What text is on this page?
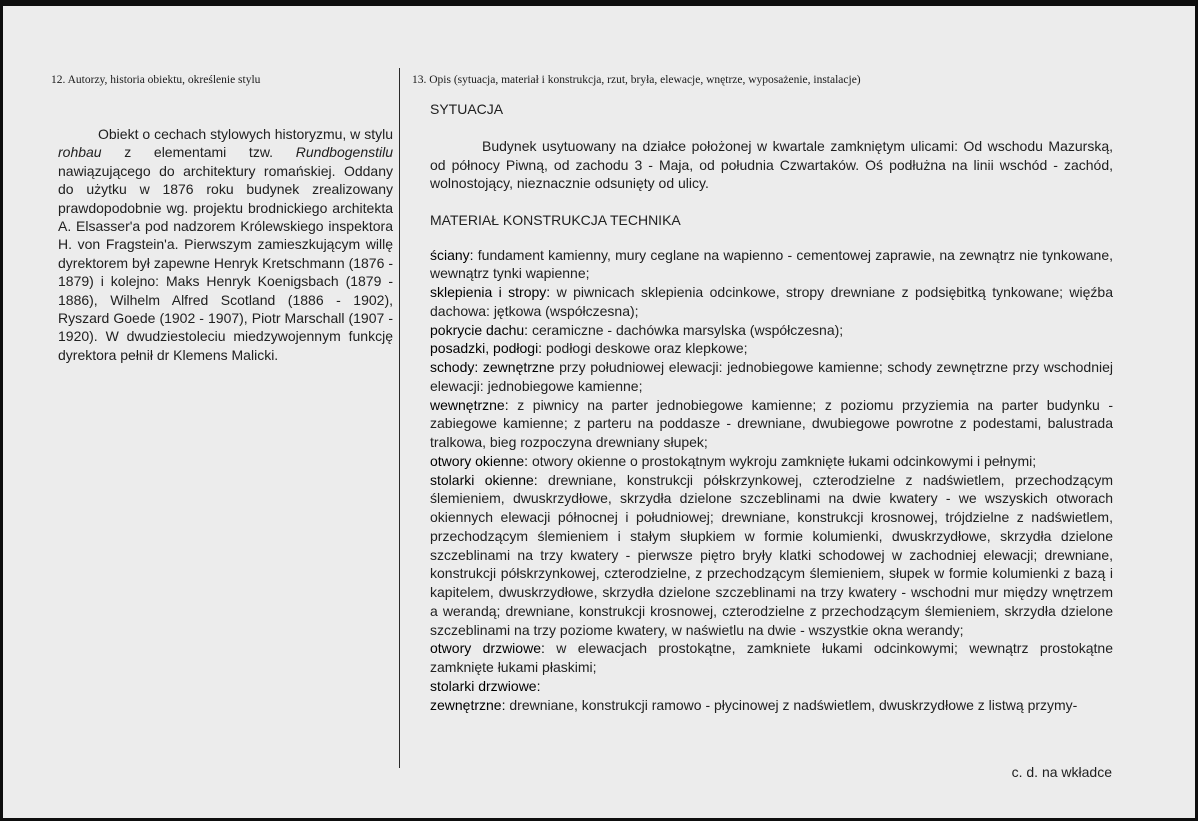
12. Autorzy, historia obiektu, określenie stylu	13. Opis (sytuacja, materiał i konstrukcja, rzut, bryła, elewacje, wnętrze, wyposażenie, instalacje)
Obiekt o cechach stylowych historyzmu, w stylu rohbau z elementami tzw. Rundbogenstilu nawiązującego do architektury romańskiej. Oddany do użytku w 1876 roku budynek zrealizowany prawdopodobnie wg. projektu brodnickiego architekta A. Elsasser'a pod nadzorem Królewskiego inspektora H. von Fragstein'a. Pierwszym zamieszkującym willę dyrektorem był zapewne Henryk Kretschmann (1876 - 1879) i kolejno: Maks Henryk Koenigsbach (1879 - 1886), Wilhelm Alfred Scotland (1886 - 1902), Ryszard Goede (1902 - 1907), Piotr Marschall (1907 - 1920). W dwudziestoleciu miedzywojennym funkcję dyrektora pełnił dr Klemens Malicki.
SYTUACJA
Budynek usytuowany na działce położonej w kwartale zamkniętym ulicami: Od wschodu Mazurską, od północy Piwną, od zachodu 3 - Maja, od południa Czwartaków. Oś podłużna na linii wschód - zachód, wolnostojący, nieznacznie odsunięty od ulicy.
MATERIAŁ KONSTRUKCJA TECHNIKA
ściany: fundament kamienny, mury ceglane na wapienno - cementowej zaprawie, na zewnątrz nie tynkowane, wewnątrz tynki wapienne;
sklepienia i stropy: w piwnicach sklepienia odcinkowe, stropy drewniane z podsiębitką tynkowane; więźba dachowa: jętkowa (współczesna);
pokrycie dachu: ceramiczne - dachówka marsylska (współczesna);
posadzki, podłogi: podłogi deskowe oraz klepkowe;
schody: zewnętrzne przy południowej elewacji: jednobiegowe kamienne; schody zewnętrzne przy wschodniej elewacji: jednobiegowe kamienne;
wewnętrzne: z piwnicy na parter jednobiegowe kamienne; z poziomu przyziemia na parter budynku - zabiegowe kamienne; z parteru na poddasze - drewniane, dwubiegowe powrotne z podestami, balustrada tralkowa, bieg rozpoczyna drewniany słupek;
otwory okienne: otwory okienne o prostokątnym wykroju zamknięte łukami odcinkowymi i pełnymi;
stolarki okienne: drewniane, konstrukcji półskrzynkowej, czterodzielne z nadświetlem, przechodzącym ślemieniem, dwuskrzydłowe, skrzydła dzielone szczeblinami na dwie kwatery - we wszyskich otworach okiennych elewacji północnej i południowej; drewniane, konstrukcji krosnowej, trójdzielne z nadświetlem, przechodzącym ślemieniem i stałym słupkiem w formie kolumienki, dwuskrzydłowe, skrzydła dzielone szczeblinami na trzy kwatery - pierwsze piętro bryły klatki schodowej w zachodniej elewacji; drewniane, konstrukcji półskrzynkowej, czterodzielne, z przechodzącym ślemieniem, słupek w formie kolumienki z bazą i kapitelem, dwuskrzydłowe, skrzydła dzielone szczeblinami na trzy kwatery - wschodni mur między wnętrzem a werandą; drewniane, konstrukcji krosnowej, czterodzielne z przechodzącym ślemieniem, skrzydła dzielone szczeblinami na trzy poziome kwatery, w naświetlu na dwie - wszystkie okna werandy;
otwory drzwiowe: w elewacjach prostokątne, zamkniete łukami odcinkowymi; wewnątrz prostokątne zamknięte łukami płaskimi;
stolarki drzwiowe:
zewnętrzne: drewniane, konstrukcji ramowo - płycinowej z nadświetlem, dwuskrzydłowe z listwą przymy-
c. d. na wkładce
